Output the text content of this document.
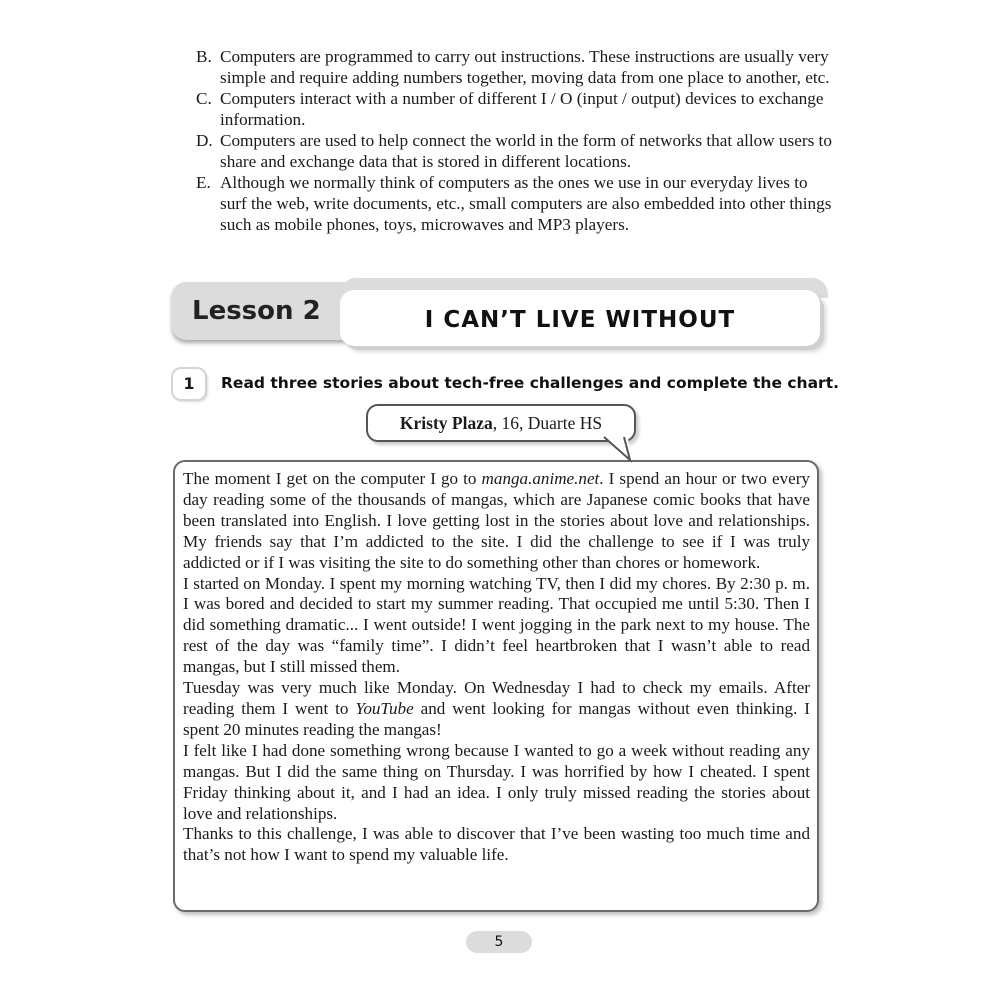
B. Computers are programmed to carry out instructions. These instructions are usually very simple and require adding numbers together, moving data from one place to another, etc.
C. Computers interact with a number of different I / O (input / output) devices to exchange information.
D. Computers are used to help connect the world in the form of networks that allow users to share and exchange data that is stored in different locations.
E. Although we normally think of computers as the ones we use in our everyday lives to surf the web, write documents, etc., small computers are also embedded into other things such as mobile phones, toys, microwaves and MP3 players.
Lesson 2	I CAN’T LIVE WITHOUT
1	Read three stories about tech-free challenges and complete the chart.
Kristy Plaza, 16, Duarte HS

The moment I get on the computer I go to manga.anime.net. I spend an hour or two every day reading some of the thousands of mangas, which are Japanese comic books that have been translated into English. I love getting lost in the stories about love and relationships. My friends say that I’m addicted to the site. I did the challenge to see if I was truly addicted or if I was visiting the site to do something other than chores or homework.

I started on Monday. I spent my morning watching TV, then I did my chores. By 2:30 p. m. I was bored and decided to start my summer reading. That occupied me until 5:30. Then I did something dramatic... I went outside! I went jogging in the park next to my house. The rest of the day was “family time”. I didn’t feel heartbroken that I wasn’t able to read mangas, but I still missed them.

Tuesday was very much like Monday. On Wednesday I had to check my emails. After reading them I went to YouTube and went looking for mangas without even thinking. I spent 20 minutes reading the mangas!

I felt like I had done something wrong because I wanted to go a week without reading any mangas. But I did the same thing on Thursday. I was horrified by how I cheated. I spent Friday thinking about it, and I had an idea. I only truly missed reading the stories about love and relationships.

Thanks to this challenge, I was able to discover that I’ve been wasting too much time and that’s not how I want to spend my valuable life.

5
